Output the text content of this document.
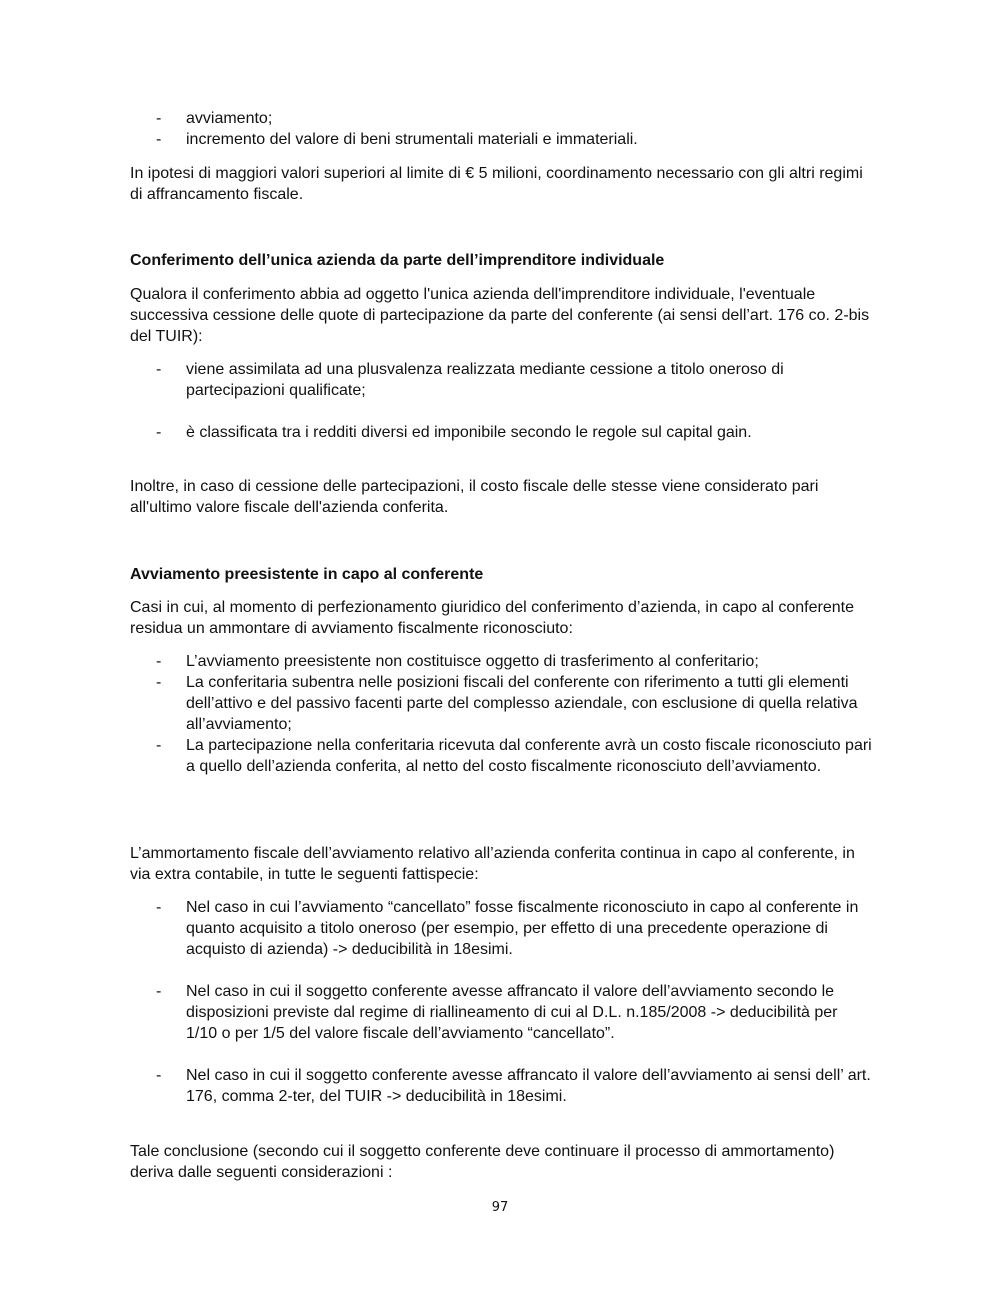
- avviamento;
- incremento del valore di beni strumentali materiali e immateriali.

In ipotesi di maggiori valori superiori al limite di € 5 milioni, coordinamento necessario con gli altri regimi di affrancamento fiscale.

Conferimento dell’unica azienda da parte dell’imprenditore individuale

Qualora il conferimento abbia ad oggetto l'unica azienda dell'imprenditore individuale, l'eventuale successiva cessione delle quote di partecipazione da parte del conferente (ai sensi dell’art. 176 co. 2-bis del TUIR):

- viene assimilata ad una plusvalenza realizzata mediante cessione a titolo oneroso di partecipazioni qualificate;
- è classificata tra i redditi diversi ed imponibile secondo le regole sul capital gain.

Inoltre, in caso di cessione delle partecipazioni, il costo fiscale delle stesse viene considerato pari all'ultimo valore fiscale dell'azienda conferita.

Avviamento preesistente in capo al conferente

Casi in cui, al momento di perfezionamento giuridico del conferimento d’azienda, in capo al conferente residua un ammontare di avviamento fiscalmente riconosciuto:

- L’avviamento preesistente non costituisce oggetto di trasferimento al conferitario;
- La conferitaria subentra nelle posizioni fiscali del conferente con riferimento a tutti gli elementi dell’attivo e del passivo facenti parte del complesso aziendale, con esclusione di quella relativa all’avviamento;
- La partecipazione nella conferitaria ricevuta dal conferente avrà un costo fiscale riconosciuto pari a quello dell’azienda conferita, al netto del costo fiscalmente riconosciuto dell’avviamento.

L’ammortamento fiscale dell’avviamento relativo all’azienda conferita continua in capo al conferente, in via extra contabile, in tutte le seguenti fattispecie:

- Nel caso in cui l’avviamento “cancellato” fosse fiscalmente riconosciuto in capo al conferente in quanto acquisito a titolo oneroso (per esempio, per effetto di una precedente operazione di acquisto di azienda) -> deducibilità in 18esimi.
- Nel caso in cui il soggetto conferente avesse affrancato il valore dell’avviamento secondo le disposizioni previste dal regime di riallineamento di cui al D.L. n.185/2008 -> deducibilità per 1/10 o per 1/5 del valore fiscale dell’avviamento “cancellato”.
- Nel caso in cui il soggetto conferente avesse affrancato il valore dell’avviamento ai sensi dell’ art. 176, comma 2-ter, del TUIR -> deducibilità in 18esimi.

Tale conclusione (secondo cui il soggetto conferente deve continuare il processo di ammortamento) deriva dalle seguenti considerazioni :

97
